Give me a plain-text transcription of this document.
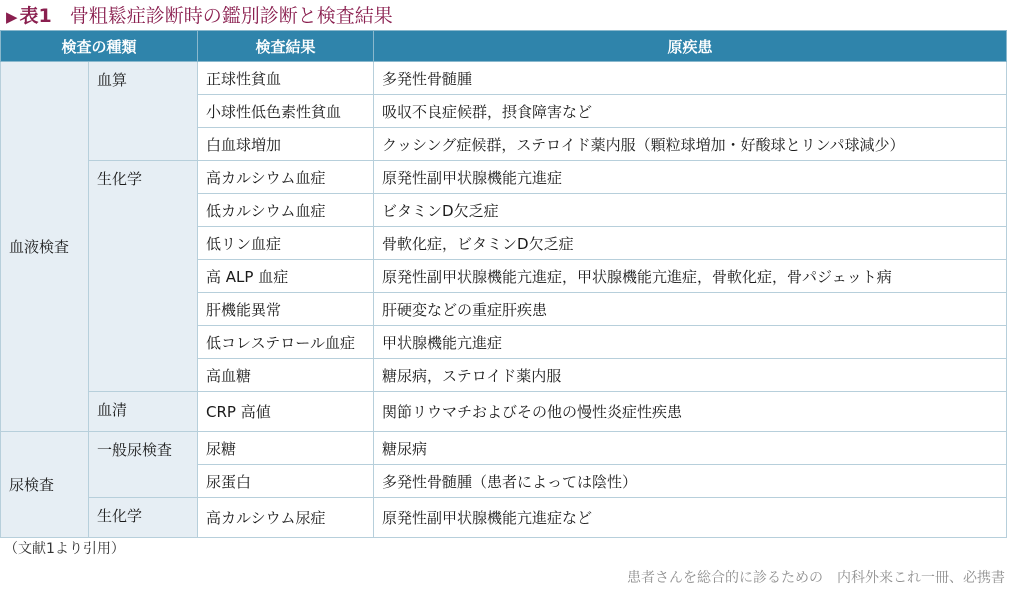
▶ 表1 骨粗鬆症診断時の鑑別診断と検査結果
検査の種類		検査結果	原疾患
血液検査	血算	正球性貧血	多発性骨髄腫
		小球性低色素性貧血	吸収不良症候群，摂食障害など
		白血球増加	クッシング症候群，ステロイド薬内服（顆粒球増加・好酸球とリンパ球減少）
	生化学	高カルシウム血症	原発性副甲状腺機能亢進症
		低カルシウム血症	ビタミンD欠乏症
		低リン血症	骨軟化症，ビタミンD欠乏症
		高 ALP 血症	原発性副甲状腺機能亢進症，甲状腺機能亢進症，骨軟化症，骨パジェット病
		肝機能異常	肝硬変などの重症肝疾患
		低コレステロール血症	甲状腺機能亢進症
		高血糖	糖尿病，ステロイド薬内服
	血清	CRP 高値	関節リウマチおよびその他の慢性炎症性疾患
尿検査	一般尿検査	尿糖	糖尿病
		尿蛋白	多発性骨髄腫（患者によっては陰性）
	生化学	高カルシウム尿症	原発性副甲状腺機能亢進症など
（文献1より引用）
患者さんを総合的に診るための　内科外来これ一冊、必携書
